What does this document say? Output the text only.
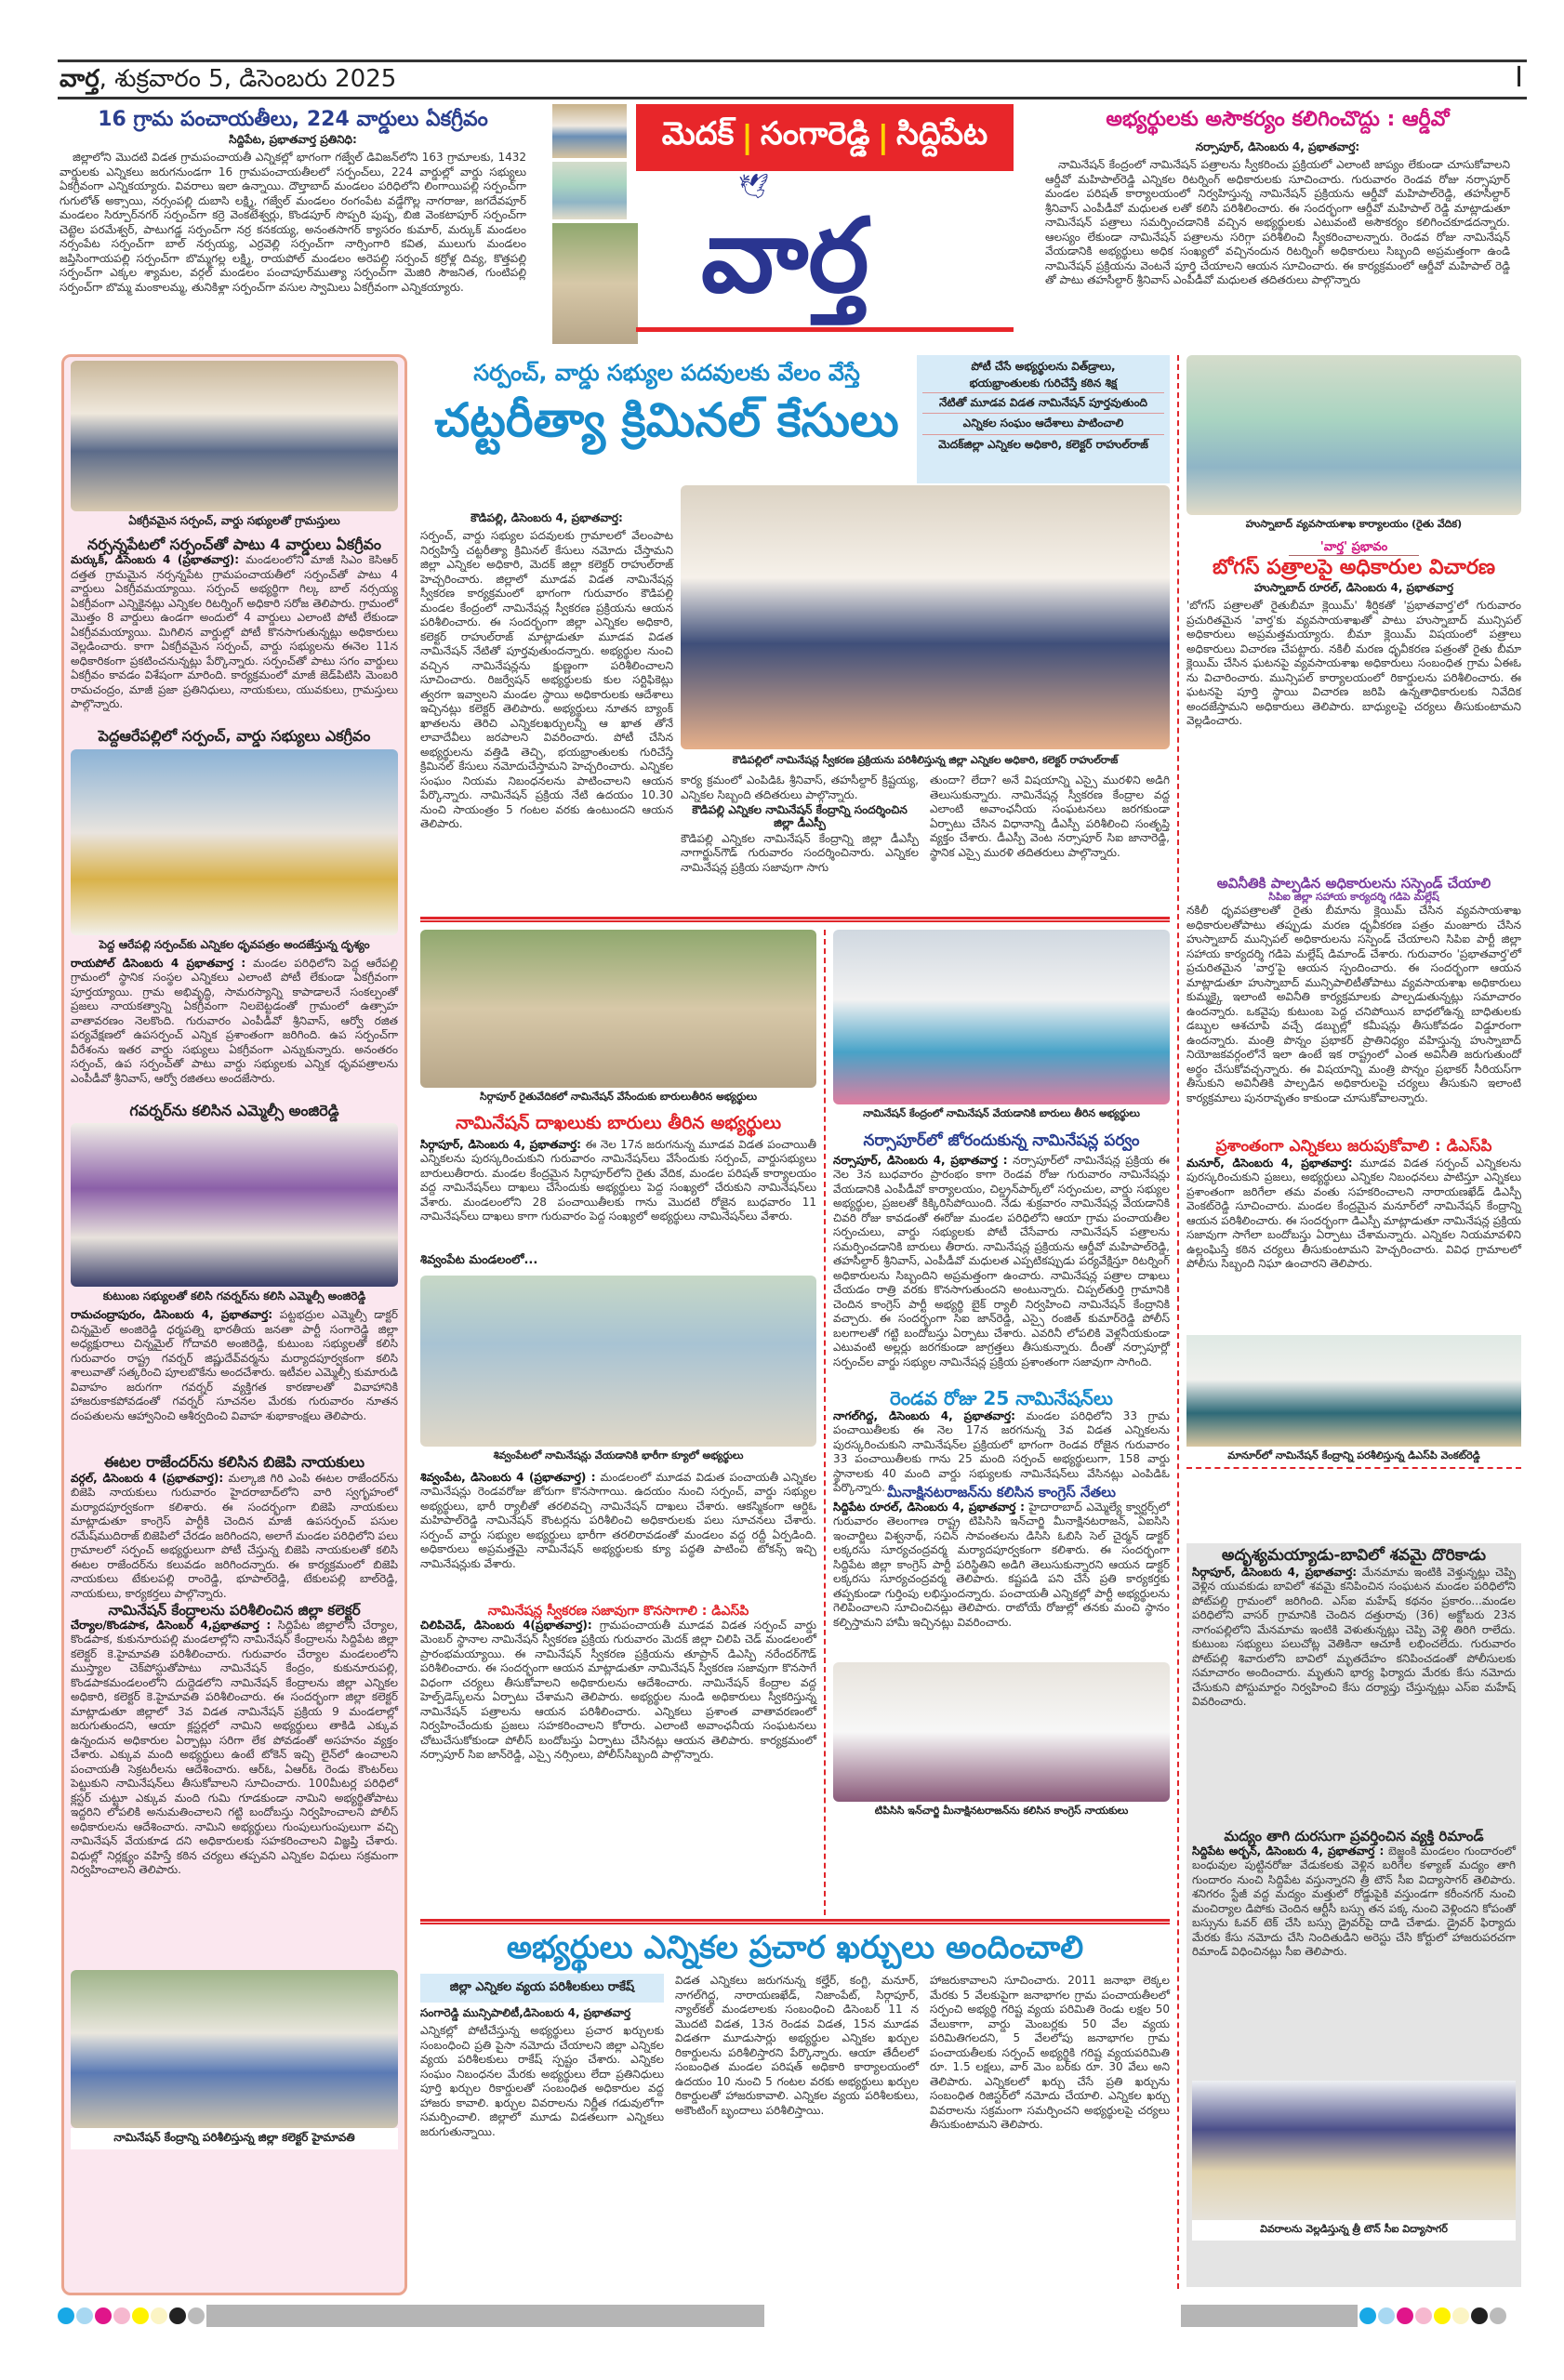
వార్త, శుక్రవారం 5, డిసెంబరు 2025	I
16 గ్రామ పంచాయతీలు, 224 వార్డులు ఏకగ్రీవం
సిద్దిపేట, ప్రభాతవార్త ప్రతినిధి:
జిల్లాలోని మొదటి విడత గ్రామపంచాయతీ ఎన్నికల్లో భాగంగా గజ్వేల్ డివిజన్‌లోని 163 గ్రామాలకు, 1432 వార్డులకు ఎన్నికలు జరుగనుండగా 16 గ్రామపంచాయతీలలో సర్పంచ్‌లు, 224 వార్డుల్లో వార్డు సభ్యులు ఏకగ్రీవంగా ఎన్నికయ్యారు. వివరాలు ఇలా ఉన్నాయి. దౌల్తాబాద్ మండలం పరిధిలోని లింగాయిపల్లి సర్పంచ్‌గా గుగులోత్ అక్సాయి, నర్సంపల్లి దుబాసి లక్ష్మి, గజ్వేల్ మండలం రంగంపేట వడ్డేగొల్ల నాగరాజు, జగదేవపూర్ మండలం సిర్పూర్‌నగర్ సర్పంచ్‌గా కర్రె వెంకటేశ్వర్లు, కొండపూర్ సొప్పరి పుష్ప, బిజి వెంకటాపూర్ సర్పంచ్‌గా చెట్టెల పరమేశ్వర్, పాటుగడ్డ సర్పంచ్‌గా నర్ర కనకయ్య, అనంతసాగర్ క్యాసరం కుమార్, మర్కుక్ మండలం నర్సంపేట సర్పంచ్‌గా బాల్ నర్సయ్య, ఎర్రవెల్లి సర్పంచ్‌గా నార్సింగారి కవిత, ములుగు మండలం జప్తిసింగాయపల్లి సర్పంచ్‌గా బొమ్మగల్ల లక్ష్మి, రాయపోల్ మండలం అరెపల్లి సర్పంచ్ కర్రోళ్ల దివ్య, కొత్తపల్లి సర్పంచ్‌గా ఎక్కల శ్యామల, వర్గల్ మండలం పంచాపూర్‌ముత్యా సర్పంచ్‌గా మెజిరి సౌజనిత, గుంటిపల్లి సర్పంచ్‌గా బొమ్మ మంకాలమ్మ, తునికిళ్లా సర్పంచ్‌గా వసుల స్వామిలు ఏకగ్రీవంగా ఎన్నికయ్యారు.
మెదక్ | సంగారెడ్డి | సిద్దిపేట
🕊
వార్త
అభ్యర్థులకు అసౌకర్యం కలిగించొద్దు : ఆర్డీవో
నర్సాపూర్, డిసెంబరు 4, ప్రభాతవార్త:
నామినేషన్ కేంద్రంలో నామినేషన్ పత్రాలను స్వీకరించు ప్రక్రియలో ఎలాంటి జాప్యం లేకుండా చూసుకోవాలని ఆర్డీవో మహిపాల్‌రెడ్డి ఎన్నికల రిటర్నింగ్ అధికారులకు సూచించారు. గురువారం రెండవ రోజు నర్సాపూర్ మండల పరిషత్ కార్యాలయంలో నిర్వహిస్తున్న నామినేషన్ ప్రక్రియను ఆర్డీవో మహిపాల్‌రెడ్డి, తహసీల్దార్ శ్రీనివాస్ ఎంపీడీవో మధులత లతో కలిసి పరిశీలించారు. ఈ సందర్భంగా ఆర్డీవో మహిపాల్ రెడ్డి మాట్లాడుతూ నామినేషన్ పత్రాలు సమర్పించడానికి వచ్చిన అభ్యర్థులకు ఎటువంటి అసౌకర్యం కలిగించకూడదన్నారు. ఆలస్యం లేకుండా నామినేషన్ పత్రాలను సరిగ్గా పరిశీలించి స్వీకరించాలన్నారు. రెండవ రోజు నామినేషన్ వేయడానికి అభ్యర్థులు అధిక సంఖ్యలో వచ్చినందున రిటర్నింగ్ అధికారులు సిబ్బంది అప్రమత్తంగా ఉండి నామినేషన్ ప్రక్రియను వెంటనే పూర్తి చేయాలని ఆయన సూచించారు. ఈ కార్యక్రమంలో ఆర్డీవో మహిపాల్ రెడ్డి తో పాటు తహసీల్దార్ శ్రీనివాస్ ఎంపీడీవో మధులత తదితరులు పాల్గొన్నారు
ఏకగ్రీవమైన సర్పంచ్, వార్డు సభ్యులతో గ్రామస్తులు
నర్సన్నపేటలో సర్పంచ్‌తో పాటు 4 వార్డులు ఏకగ్రీవం
మర్కుక్, డిసెంబరు 4 (ప్రభాతవార్త): మండలంలోని మాజీ సిఎం కెసిఆర్ దత్తత గ్రామమైన నర్సన్నపేట గ్రామపంచాయతీలో సర్పంచ్‌తో పాటు 4 వార్డులు ఏకగ్రీవమయ్యాయి. సర్పంచ్ అభ్యర్థిగా గిల్క బాల్ నర్సయ్య ఏకగ్రీవంగా ఎన్నికైనట్లు ఎన్నికల రిటర్నింగ్ అధికారి సరోజ తెలిపారు. గ్రామంలో మొత్తం 8 వార్డులు ఉండగా అందులో 4 వార్డులు ఎలాంటి పోటీ లేకుండా ఏకగ్రీవమయ్యాయి. మిగిలిన వార్డుల్లో పోటీ కొనసాగుతున్నట్లు అధికారులు వెల్లడించారు. కాగా ఏకగ్రీవమైన సర్పంచ్, వార్డు సభ్యులను ఈనెల 11న అధికారికంగా ప్రకటించనున్నట్లు పేర్కొన్నారు. సర్పంచ్‌తో పాటు సగం వార్డులు ఏకగ్రీవం కావడం విశేషంగా మారింది. కార్యక్రమంలో మాజీ జెడ్‌పిటిసి మెంబరి రామచంద్రం, మాజీ ప్రజా ప్రతినిధులు, నాయకులు, యువకులు, గ్రామస్తులు పాల్గొన్నారు.
పెద్దఆరేపల్లిలో సర్పంచ్, వార్డు సభ్యులు ఎకగ్రీవం
పెద్ద ఆరేపల్లి సర్పంచ్‌కు ఎన్నికల ధృవపత్రం అందజేస్తున్న దృశ్యం
రాయపోల్ డిసెంబరు 4 ప్రభాతవార్త : మండల పరిధిలోని పెద్ద ఆరేపల్లి గ్రామంలో స్థానిక సంస్థల ఎన్నికలు ఎలాంటి పోటీ లేకుండా ఏకగ్రీవంగా పూర్తయ్యాయి. గ్రామ అభివృద్ధి, సామరస్యాన్ని కాపాడాలనే సంకల్పంతో ప్రజలు నాయకత్వాన్ని ఏకగ్రీవంగా నిలబెట్టడంతో గ్రామంలో ఉత్సాహ వాతావరణం నెలకొంది. గురువారం ఎంపీడీవో శ్రీనివాస్, ఆర్వో రజిత పర్యవేక్షణలో ఉపసర్పంచ్ ఎన్నిక ప్రశాంతంగా జరిగింది. ఉప సర్పంచ్‌గా వీరేశంను ఇతర వార్డు సభ్యులు ఏకగ్రీవంగా ఎన్నుకున్నారు. అనంతరం సర్పంచ్, ఉప సర్పంచ్‌తో పాటు వార్డు సభ్యులకు ఎన్నిక ధృవపత్రాలను ఎంపీడీవో శ్రీనివాస్, ఆర్వో రజితలు అందజేసారు.
గవర్నర్‌ను కలిసిన ఎమ్మెల్సీ అంజిరెడ్డి
కుటుంబ సభ్యులతో కలిసి గవర్నర్‌ను కలిసి ఎమ్మెల్సీ అంజిరెడ్డి
రామచంద్రాపురం, డిసెంబరు 4, ప్రభాతవార్త: పట్టభద్రుల ఎమ్మెల్సీ డాక్టర్ చిన్నమైల్ అంజిరెడ్డి ధర్మపత్ని భారతీయ జనతా పార్టీ సంగారెడ్డి జిల్లా అధ్యక్షురాలు చిన్నమైల్ గోదావరి అంజిరెడ్డి, కుటుంబ సభ్యులతో కలిసి గురువారం రాష్ట్ర గవర్నర్ జిష్ణుదేవ్‌వర్మను మర్యాదపూర్వకంగా కలిసి శాలువాతో సత్కరించి పూలబొకేను అందచేశారు. ఇటీవల ఎమ్మెల్సీ కుమారుడి వివాహం జరుగగా గవర్నర్ వ్యక్తిగత కారణాలతో వివాహానికి హాజరుకాకపోవడంతో గవర్నర్ సూచనల మేరకు గురువారం నూతన దంపతులను ఆహ్వానించి ఆశీర్వదించి వివాహ శుభాకాంక్షలు తెలిపారు.
ఈటల రాజేందర్‌ను కలిసిన బిజెపి నాయకులు
వర్గల్, డిసెంబరు 4 (ప్రభాతవార్త): మల్కాజి గిరి ఎంపి ఈటల రాజేందర్‌ను బిజెపి నాయకులు గురువారం హైదరాబాద్‌లోని వారి స్వగృహంలో మర్యాదపూర్వకంగా కలిశారు. ఈ సందర్భంగా బిజెపి నాయకులు మాట్లాడుతూ కాంగ్రెస్ పార్టీకి చెందిన మాజీ ఉపసర్పంచ్ పసుల రమేష్‌ముదిరాజ్ బిజెపిలో చేరడం జరిగిందని, అలాగే మండల పరిధిలోని పలు గ్రామాలలో సర్పంచ్ అభ్యర్థులుగా పోటీ చేస్తున్న బిజెపి నాయకులతో కలిసి ఈటల రాజేందర్‌ను కలువడం జరిగిందన్నారు. ఈ కార్యక్రమంలో బిజెపి నాయకులు టేకులపల్లి రాంరెడ్డి, భూపాల్‌రెడ్డి, టేకులపల్లి బాల్‌రెడ్డి, నాయకులు, కార్యకర్తలు పాల్గొన్నారు.
నామినేషన్ కేంద్రాలను పరిశీలించిన జిల్లా కలెక్టర్
చేర్యాల/కొండపాక, డిసెంబర్ 4,ప్రభాతవార్త : సిద్దిపేట జిల్లాలోని చేర్యాల, కొండపాక, కుకునూరుపల్లి మండలాల్లోని నామినేషన్ కేంద్రాలను సిద్దిపేట జిల్లా కలెక్టర్ కె.హైమావతి పరిశీలించారు. గురువారం చేర్యాల మండలంలోని ముస్త్యాల చెక్‌పోస్టుతోపాటు నామినేషన్ కేంద్రం, కుకునూరుపల్లి, కొండపాకమండలంలోని దుద్దెడలోని నామినేషన్ కేంద్రాలను జిల్లా ఎన్నికల అధికారి, కలెక్టర్ కె.హైమావతి పరిశీలించారు. ఈ సందర్భంగా జిల్లా కలెక్టర్ మాట్లాడుతూ జిల్లాలో 3వ విడత నామినేషన్ ప్రక్రియ 9 మండలాల్లో జరుగుతుందని, ఆయా క్లస్టర్లలో నామిని అభ్యర్థులు తాకిడి ఎక్కువ ఉన్నందున అధికారుల ఏర్పాట్లు సరిగా లేక పోవడంతో అసహనం వ్యక్తం చేశారు. ఎక్కువ మంది అభ్యర్థులు ఉంటే టోకెన్ ఇచ్చి లైన్‌లో ఉంచాలని పంచాయతీ సెక్రటరీలను ఆదేశించారు. ఆర్‌ఓ, ఏఆర్‌ఓ రెండు కౌంటర్‌లు పెట్టుకుని నామినేషన్‌లు తీసుకోవాలని సూచించారు. 100మీటర్ల పరిధిలో క్లస్టర్ చుట్టూ ఎక్కువ మంది గుమి గూడకుండా నామిని అభ్యర్థితోపాటు ఇద్దరిని లోపలికి అనుమతించాలని గట్టి బందోబస్తు నిర్వహించాలని పోలీస్ అధికారులను ఆదేశించారు. నామిని అభ్యర్థులు గుంపులుగుంపులుగా వచ్చి నామినేషన్ వేయకూడ దని అధికారులకు సహకరించాలని విజ్ఞప్తి చేశారు. విధుల్లో నిర్లక్ష్యం వహిస్తే కఠిన చర్యలు తప్పవని ఎన్నికల విధులు సక్రమంగా నిర్వహించాలని తెలిపారు.
నామినేషన్ కేంద్రాన్ని పరిశీలిస్తున్న జిల్లా కలెక్టర్ హైమావతి
సర్పంచ్, వార్డు సభ్యుల పదవులకు వేలం వేస్తే
చట్టరీత్యా క్రిమినల్ కేసులు
పోటీ చేసే అభ్యర్థులను విత్‌డ్రాలు,
భయభ్రాంతులకు గురిచేస్తే కఠిన శిక్ష
నేటితో మూడవ విడత నామినేషన్ పూర్తవుతుంది
ఎన్నికల సంఘం ఆదేశాలు పాటించాలి
మెదక్‌జిల్లా ఎన్నికల అధికారి, కలెక్టర్ రాహుల్‌రాజ్
కౌడిపల్లి, డిసెంబరు 4, ప్రభాతవార్త:
సర్పంచ్, వార్డు సభ్యుల పదవులకు గ్రామాలలో వేలంపాట నిర్వహిస్తే చట్టరీత్యా క్రిమినల్ కేసులు నమోదు చేస్తామని జిల్లా ఎన్నికల అధికారి, మెదక్ జిల్లా కలెక్టర్ రాహుల్‌రాజ్ హెచ్చరించారు. జిల్లాలో మూడవ విడత నామినేషన్ల స్వీకరణ కార్యక్రమంలో భాగంగా గురువారం కౌడిపల్లి మండల కేంద్రంలో నామినేషన్ల స్వీకరణ ప్రక్రియను ఆయన పరిశీలించారు. ఈ సందర్భంగా జిల్లా ఎన్నికల అధికారి, కలెక్టర్ రాహుల్‌రాజ్ మాట్లాడుతూ మూడవ విడత నామినేషన్ నేటితో పూర్తవుతుందన్నారు. అభ్యర్థుల నుంచి వచ్చిన నామినేషన్లను క్షుణ్ణంగా పరిశీలించాలని సూచించారు. రిజర్వేషన్ అభ్యర్థులకు కుల సర్టిఫికెట్లు త్వరగా ఇవ్వాలని మండల స్థాయి అధికారులకు ఆదేశాలు ఇచ్చినట్లు కలెక్టర్ తెలిపారు. అభ్యర్థులు నూతన బ్యాంక్ ఖాతలను తెరిచి ఎన్నికలఖర్చులన్నీ ఆ ఖాత తోనే లావాదేవీలు జరపాలని వివరించారు. పోటీ చేసిన అభ్యర్థులను వత్తిడి తెచ్చి, భయభ్రాంతులకు గురిచేస్తే క్రిమినల్ కేసులు నమోదుచేస్తామని హెచ్చరించారు. ఎన్నికల సంఘం నియమ నిబంధనలను పాటించాలని ఆయన పేర్కొన్నారు. నామినేషన్ ప్రక్రియ నేటి ఉదయం 10.30 నుంచి సాయంత్రం 5 గంటల వరకు ఉంటుందని ఆయన తెలిపారు.
కౌడిపల్లిలో నామినేషన్ల స్వీకరణ ప్రక్రియను పరిశీలిస్తున్న జిల్లా ఎన్నికల అధికారి, కలెక్టర్ రాహుల్‌రాజ్
కార్య క్రమంలో ఎంపిడిఓ శ్రీనివాస్, తహసీల్దార్ క్రిష్టయ్య, ఎన్నికల సిబ్బంది తదితరులు పాల్గొన్నారు.
కౌడిపల్లి ఎన్నికల నామినేషన్ కేంద్రాన్ని సందర్శించిన జిల్లా డీఎస్పీ
కౌడిపల్లి ఎన్నికల నామినేషన్ కేంద్రాన్ని జిల్లా డీఎస్పీ నాగార్జున్‌గౌడ్ గురువారం సందర్శించినారు. ఎన్నికల నామినేషన్ల ప్రక్రియ సజావుగా సాగు
తుందా? లేదా? అనే విషయాన్ని ఎస్సై మురళిని అడిగి తెలుసుకున్నారు. నామినేషన్ల స్వీకరణ కేంద్రాల వద్ద ఎలాంటి అవాంఛనీయ సంఘటనలు జరగకుండా ఏర్పాటు చేసిన విధానాన్ని డీఎస్పీ పరిశీలించి సంతృప్తి వ్యక్తం చేశారు. డీఎస్పీ వెంట నర్సాపూర్ సిఐ జానారెడ్డి, స్థానిక ఎస్సై మురళి తదితరులు పాల్గొన్నారు.
సిర్గాపూర్ రైతువేదికలో నామినేషన్ వేసేందుకు బారులుతీరిన అభ్యర్థులు
నామినేషన్ దాఖలుకు బారులు తీరిన అభ్యర్థులు
సిర్గాపూర్, డిసెంబరు 4, ప్రభాతవార్త: ఈ నెల 17న జరుగనున్న మూడవ విడత పంచాయితీ ఎన్నికలను పురస్కరించుకుని గురువారం నామినేషన్‌లు వేసేందుకు సర్పంచ్, వార్డుసభ్యులు బారులుతీరారు. మండల కేంద్రమైన సిర్గాపూర్‌లోని రైతు వేదిక, మండల పరిషత్ కార్యాలయం వద్ద నామినేషన్‌లు దాఖలు చేసేందుకు అభ్యర్థులు పెద్ద సంఖ్యలో చేరుకుని నామినేషన్‌లు వేశారు. మండలంలోని 28 పంచాయితీలకు గాను మొదటి రోజైన బుధవారం 11 నామినేషన్‌లు దాఖలు కాగా గురువారం పెద్ద సంఖ్యలో అభ్యర్థులు నామినేషన్‌లు వేశారు.
శివ్వంపేట మండలంలో...
శివ్వంపేటలో నామినేషన్లు వేయడానికి భారీగా క్యూలో అభ్యర్థులు
శివ్వంపేట, డిసెంబరు 4 (ప్రభాతవార్త) : మండలంలో మూడవ విడుత పంచాయతీ ఎన్నికల నామినేషన్లు రెండవరోజు జోరుగా కొనసాగాయి. ఉదయం నుంచి సర్పంచ్, వార్డు సభ్యుల అభ్యర్థులు, భారీ ర్యాలీతో తరలివచ్చి నామినేషన్ దాఖలు చేశారు. ఆకస్మికంగా ఆర్డిఓ మహిపాల్‌రెడ్డి నామినేషన్ కౌంటర్లను పరిశీలించి అధికారులకు పలు సూచనలు చేశారు. సర్పంచ్ వార్డు సభ్యుల అభ్యర్థులు భారీగా తరలిరావడంతో మండలం వద్ద రద్దీ ఏర్పడింది. అధికారులు అప్రమత్తమై నామినేషన్ అభ్యర్థులకు క్యూ పద్ధతి పాటించి టోకన్స్ ఇచ్చి నామినేషన్లుకు వేశారు.
నామినేషన్ల స్వీకరణ సజావుగా కొనసాగాలి : డిఎస్‌పి
చిలిపిచెడ్, డిసెంబరు 4(ప్రభాతవార్త): గ్రామపంచాయతీ మూడవ విడత సర్పంచ్ వార్డు మెంబర్ స్థానాల నామినేషన్ స్వీకరణ ప్రక్రియ గురువారం మెదక్ జిల్లా చిలిపి చెడ్ మండలంలో ప్రారంభమయ్యాయి. ఈ నామినేషన్ స్వీకరణ ప్రక్రియను తూప్రాన్ డిఎస్పి నరేందర్‌గౌడ్ పరిశీలించారు. ఈ సందర్భంగా ఆయన మాట్లాడుతూ నామినేషన్ స్వీకరణ సజావుగా కొనసాగే విధంగా చర్యలు తీసుకోవాలని అధికారులను ఆదేశించారు. నామినేషన్ కేంద్రాల వద్ద హెల్ప్‌డెస్క్‌లను ఏర్పాటు చేశామని తెలిపారు. అభ్యర్థుల నుండి అధికారులు స్వీకరిస్తున్న నామినేషన్ పత్రాలను ఆయన పరిశీలించారు. ఎన్నికలు ప్రశాంత వాతావరణంలో నిర్వహించేందుకు ప్రజలు సహకరించాలని కోరారు. ఎలాంటి అవాంఛనీయ సంఘటనలు చోటుచేసుకోకుండా పోలీస్ బందోబస్తు ఏర్పాటు చేసినట్లు ఆయన తెలిపారు. కార్యక్రమంలో నర్సాపూర్ సిఐ జాన్‌రెడ్డి, ఎస్సై నర్సింలు, పోలీస్‌సిబ్బంది పాల్గొన్నారు.
నామినేషన్ కేంద్రంలో నామినేషన్ వేయడానికి బారులు తీరిన అభ్యర్థులు
నర్సాపూర్‌లో జోరందుకున్న నామినేషన్ల పర్వం
నర్సాపూర్, డిసెంబరు 4, ప్రభాతవార్త : నర్సాపూర్‌లో నామినేషన్ల ప్రక్రియ ఈ నెల 3న బుధవారం ప్రారంభం కాగా రెండవ రోజు గురువారం నామినేషన్లు వేయడానికి ఎంపీడీవో కార్యాలయం, చిల్డ్రన్‌పార్క్‌లో సర్పంచుల, వార్డు సభ్యుల అభ్యర్థుల, ప్రజలతో కిక్కిరిసిపోయింది. నేడు శుక్రవారం నామినేషన్ల వేయడానికి చివరి రోజు కావడంతో ఈరోజు మండల పరిధిలోని ఆయా గ్రామ పంచాయతీల సర్పంచులు, వార్డు సభ్యులకు పోటీ చేసేవారు నామినేషన్ పత్రాలను సమర్పించడానికి బారులు తీరారు. నామినేషన్ల ప్రక్రియను ఆర్డీవో మహిపాల్‌రెడ్డి, తహసీల్దార్ శ్రీనివాస్, ఎంపీడీవో మధులత ఎప్పటికప్పుడు పర్యవేక్షిస్తూ రిటర్నింగ్ అధికారులను సిబ్బందిని అప్రమత్తంగా ఉంచారు. నామినేషన్ల పత్రాల దాఖలు చేయడం రాత్రి వరకు కొనసాగుతుందని అంటున్నారు. చిప్పల్‌తుర్తి గ్రామానికి చెందిన కాంగ్రెస్ పార్టీ అభ్యర్థి బైక్ ర్యాలీ నిర్వహించి నామినేషన్ కేంద్రానికి వచ్చారు. ఈ సందర్భంగా సిఐ జాన్‌రెడ్డి, ఎస్సై రంజిత్ కుమార్‌రెడ్డి పోలీస్ బలగాలతో గట్టి బందోబస్తు ఏర్పాటు చేశారు. ఎవరినీ లోపలికి వెళ్లనీయకుండా ఎటువంటి అల్లర్లు జరగకుండా జాగ్రత్తలు తీసుకున్నారు. దీంతో నర్సాపూర్లో సర్పంచ్‌ల వార్డు సభ్యుల నామినేషన్ల ప్రక్రియ ప్రశాంతంగా సజావుగా సాగింది.
రెండవ రోజు 25 నామినేషన్‌లు
నాగల్‌గిద్ద, డిసెంబరు 4, ప్రభాతవార్త: మండల పరిధిలోని 33 గ్రామ పంచాయితీలకు ఈ నెల 17న జరగనున్న 3వ విడత ఎన్నికలను పురస్కరించుకుని నామినేషన్‌ల ప్రక్రియలో భాగంగా రెండవ రోజైన గురువారం 33 పంచాయితీలకు గాను 25 మంది సర్పంచ్ అభ్యర్థులుగా, 158 వార్డు స్థానాలకు 40 మంది వార్డు సభ్యులకు నామినేషన్‌లు వేసినట్లు ఎంపిడిఓ పేర్కొన్నారు. మీనాక్షినటరాజన్‌ను కలిసిన కాంగ్రెస్ నేతలు
సిద్దిపేట రూరల్, డిసెంబరు 4, ప్రభాతవార్త : హైదారాబాద్ ఎమ్మెల్యే క్వార్టర్స్‌లో గురువారం తెలంగాణ రాష్ట్ర టిపిసిసి ఇన్‌చార్జి మీనాక్షినటరాజన్, ఏఐసిసి ఇంచార్జిలు విశ్వనాథ్, సచిన్ సావంతలను డిసిసి ఓబిసి సెల్ చైర్మన్ డాక్టర్ లక్కరసు సూర్యచంద్రవర్మ మర్యాదపూర్వకంగా కలిశారు. ఈ సందర్భంగా సిద్దిపేట జిల్లా కాంగ్రెస్ పార్టీ పరిస్థితిని అడిగి తెలుసుకున్నారని ఆయన డాక్టర్ లక్కరసు సూర్యచంద్రవర్మ తెలిపారు. కష్టపడి పని చేసే ప్రతి కార్యకర్తకు తప్పకుండా గుర్తింపు లభిస్తుందన్నారు. పంచాయతీ ఎన్నికల్లో పార్టీ అభ్యర్థులను గెలిపించాలని సూచించినట్లు తెలిపారు. రాబోయే రోజుల్లో తనకు మంచి స్థానం కల్పిస్తామని హామీ ఇచ్చినట్లు వివరించారు.
టిపిసిసి ఇన్‌చార్జి మీనాక్షినటరాజన్‌ను కలిసిన కాంగ్రెస్ నాయకులు
అభ్యర్థులు ఎన్నికల ప్రచార ఖర్చులు అందించాలి
జిల్లా ఎన్నికల వ్యయ పరిశీలకులు రాకేష్
సంగారెడ్డి మున్సిపాలిటీ,డిసెంబరు 4, ప్రభాతవార్త
ఎన్నికల్లో పోటీచేస్తున్న అభ్యర్థులు ప్రచార ఖర్చులకు సంబంధించి ప్రతి పైసా నమోదు చేయాలని జిల్లా ఎన్నికల వ్యయ పరిశీలకులు రాకేష్ స్పష్టం చేశారు. ఎన్నికల సంఘం నిబంధనల మేరకు అభ్యర్థులు లేదా ప్రతినిధులు పూర్తి ఖర్చుల రికార్డులతో సంబంధిత అధికారుల వద్ద హాజరు కావాలి. ఖర్చుల వివరాలను నిర్ణీత గడువులోగా సమర్పించాలి. జిల్లాలో మూడు విడతలుగా ఎన్నికలు జరుగుతున్నాయి.
విడత ఎన్నికలు జరుగనున్న కల్హేర్, కంగ్టి, మనూర్, నాగల్‌గిద్ద, నారాయణఖేడ్, నిజాంపేట్, సిర్గాపూర్, న్యాల్‌కల్ మండలాలకు సంబంధించి డిసెంబర్ 11 న మొదటి విడత, 13న రెండవ విడత, 15న మూడవ విడతగా మూడుసార్లు అభ్యర్థుల ఎన్నికల ఖర్చుల రికార్డులను పరిశీలిస్తారని పేర్కొన్నారు. ఆయా తేదీలలో సంబంధిత మండల పరిషత్ అధికారి కార్యాలయంలో ఉదయం 10 నుంచి 5 గంటల వరకు అభ్యర్థులు ఖర్చుల రికార్డులతో హాజరుకావాలి. ఎన్నికల వ్యయ పరిశీలకులు, అకౌంటింగ్ బృందాలు పరిశీలిస్తాయి.
హాజరుకావాలని సూచించారు. 2011 జనాభా లెక్కల మేరకు 5 వేలకుపైగా జనాభాగల గ్రామ పంచాయతీలలో సర్పంచి అభ్యర్థి గరిష్ట వ్యయ పరిమితి రెండు లక్షల 50 వేలుకాగా, వార్డు మెంబర్లకు 50 వేల వ్యయ పరిమితిగలదని, 5 వేలలోపు జనాభాగల గ్రామ పంచాయతీలకు సర్పంచ్ అభ్యర్థికి గరిష్ట వ్యయపరిమితి రూ. 1.5 లక్షలు, వార్ మెం బర్‌కు రూ. 30 వేలు అని తెలిపారు. ఎన్నికలలో ఖర్చు చేసే ప్రతి ఖర్చును సంబంధిత రిజిస్టర్‌లో నమోదు చేయాలి. ఎన్నికల ఖర్చు వివరాలను సక్రమంగా సమర్పించని అభ్యర్థులపై చర్యలు తీసుకుంటామని తెలిపారు.
హుస్నాబాద్ వ్యవసాయశాఖ కార్యాలయం (రైతు వేదిక)
'వార్త' ప్రభావం
బోగస్ పత్రాలపై అధికారుల విచారణ
హుస్నాబాద్ రూరల్, డిసెంబరు 4, ప్రభాతవార్త
'బోగస్ పత్రాలతో రైతుబీమా క్లెయిమ్' శీర్షికతో 'ప్రభాతవార్త'లో గురువారం ప్రచురితమైన 'వార్త'కు వ్యవసాయశాఖతో పాటు హుస్నాబాద్ మున్సిపల్ అధికారులు అప్రమత్తమయ్యారు. బీమా క్లెయిమ్ విషయంలో పత్రాలు అధికారులు విచారణ చేపట్టారు. నకిలీ మరణ ధృవీకరణ పత్రంతో రైతు బీమా క్లెయిమ్ చేసిన ఘటనపై వ్యవసాయశాఖ అధికారులు సంబంధిత గ్రామ ఏఈఓ ను విచారించారు. మున్సిపల్ కార్యాలయంలో రికార్డులను పరిశీలించారు. ఈ ఘటనపై పూర్తి స్థాయి విచారణ జరిపి ఉన్నతాధికారులకు నివేదిక అందజేస్తామని అధికారులు తెలిపారు. బాధ్యులపై చర్యలు తీసుకుంటామని వెల్లడించారు.
అవినీతికి పాల్పడిన అధికారులను సస్పెండ్ చేయాలి
సిపిఐ జిల్లా సహాయ కార్యదర్శి గడిపె మల్లేష్
నకిలీ ధృవపత్రాలతో రైతు బీమాను క్లెయిమ్ చేసిన వ్యవసాయశాఖ అధికారులతోపాటు తప్పుడు మరణ ధృవీకరణ పత్రం మంజూరు చేసిన హుస్నాబాద్ మున్సిపల్ అధికారులను సస్పెండ్ చేయాలని సిపిఐ పార్టీ జిల్లా సహాయ కార్యదర్శి గడిపె మల్లేష్ డిమాండ్ చేశారు. గురువారం 'ప్రభాతవార్త'లో ప్రచురితమైన 'వార్త'పై ఆయన స్పందించారు. ఈ సందర్భంగా ఆయన మాట్లాడుతూ హుస్నాబాద్ మున్సిపాలిటీతోపాటు వ్యవసాయశాఖ అధికారులు కుమ్మక్కై ఇలాంటి అవినీతి కార్యక్రమాలకు పాల్పడుతున్నట్లు సమాచారం ఉందన్నారు. ఒకవైపు కుటుంబ పెద్ద చనిపోయిన బాధలోఉన్న బాధితులకు డబ్బుల ఆశచూపి వచ్చే డబ్బుల్లో కమీషన్లు తీసుకోవడం విడ్డూరంగా ఉందన్నారు. మంత్రి పొన్నం ప్రభాకర్ ప్రాతినిధ్యం వహిస్తున్న హుస్నాబాద్ నియోజకవర్గంలోనే ఇలా ఉంటే ఇక రాష్ట్రంలో ఎంత అవినీతి జరుగుతుందో అర్థం చేసుకోవచ్చన్నారు. ఈ విషయాన్ని మంత్రి పొన్నం ప్రభాకర్ సీరియస్‌గా తీసుకుని అవినీతికి పాల్పడిన అధికారులపై చర్యలు తీసుకుని ఇలాంటి కార్యక్రమాలు పునరావృతం కాకుండా చూసుకోవాలన్నారు.
ప్రశాంతంగా ఎన్నికలు జరుపుకోవాలి : డిఎస్‌పి
మనూర్, డిసెంబరు 4, ప్రభాతవార్త: మూడవ విడత సర్పంచ్ ఎన్నికలను పురస్కరించుకుని ప్రజలు, అభ్యర్థులు ఎన్నికల నిబంధనలు పాటిస్తూ ఎన్నికలు ప్రశాంతంగా జరిగేలా తమ వంతు సహకరించాలని నారాయణఖేడ్ డిఎస్పీ వెంకట్‌రెడ్డి సూచించారు. మండల కేంద్రమైన మనూర్‌లో నామినేషన్ కేంద్రాన్ని ఆయన పరిశీలించారు. ఈ సందర్భంగా డిఎస్పీ మాట్లాడుతూ నామినేషన్ల ప్రక్రియ సజావుగా సాగేలా బందోబస్తు ఏర్పాటు చేశామన్నారు. ఎన్నికల నియమావళిని ఉల్లంఘిస్తే కఠిన చర్యలు తీసుకుంటామని హెచ్చరించారు. వివిధ గ్రామాలలో పోలీసు సిబ్బంది నిఘా ఉంచారని తెలిపారు.
మానూర్‌లో నామినేషన్ కేంద్రాన్ని పరశీలిస్తున్న డిఎస్‌పి వెంకట్‌రెడ్డి
అదృశ్యమయ్యాడు-బావిలో శవమై దొరికాడు
సిర్గాపూర్, డిసెంబరు 4, ప్రభాతవార్త: మేనమామ ఇంటికి వెళ్తున్నట్లు చెప్పి వెళ్లిన యువకుడు బావిలో శవమై కనిపించిన సంఘటన మండల పరిధిలోని పోట్‌పల్లి గ్రామంలో జరిగింది. ఎస్‌ఐ మహేష్ కథనం ప్రకారం...మండల పరిధిలోని వాసర్ గ్రామానికి చెందిన దత్తురావు (36) అక్టోబరు 23న నాగంపల్లిలోని మేనమామ ఇంటికి వెళుతున్నట్లు చెప్పి వెళ్లి తిరిగి రాలేదు. కుటుంబ సభ్యులు పలుచోట్ల వెతికినా ఆచూకీ లభించలేదు. గురువారం పోట్‌పల్లి శివారులోని బావిలో మృతదేహం కనిపించడంతో పోలీసులకు సమాచారం అందించారు. మృతుని భార్య ఫిర్యాదు మేరకు కేసు నమోదు చేసుకుని పోస్టుమార్టం నిర్వహించి కేసు దర్యాప్తు చేస్తున్నట్లు ఎస్‌ఐ మహేష్ వివరించారు.
మద్యం తాగి దురసుగా ప్రవర్తించిన వ్యక్తి రిమాండ్
సిద్దిపేట అర్బన్, డిసెంబరు 4, ప్రభాతవార్త : బెజ్జంకి మండలం గుందారంలో బంధువుల పుట్టినరోజు వేడుకలకు వెళ్లిన బరిగేల కళ్యాణ్ మద్యం తాగి గుందారం నుంచి సిద్దిపేట వస్తున్నారని త్రీ టౌన్ సీఐ విద్యాసాగర్ తెలిపారు. శనిగరం స్టేజీ వద్ద మద్యం మత్తులో రోడ్డుపైకి వస్తుండగా కరీంనగర్ నుంచి మంచిర్యాల డిపోకు చెందిన ఆర్టీసీ బస్సు తన పక్క నుంచి వెళ్లిందని కోపంతో బస్సును ఓవర్ టెక్ చేసి బస్సు డ్రైవర్‌పై దాడి చేశాడు. డ్రైవర్ ఫిర్యాదు మేరకు కేసు నమోదు చేసి నిందితుడిని అరెస్టు చేసి కోర్టులో హాజరుపరచగా రిమాండ్ విధించినట్లు సీఐ తెలిపారు.
వివరాలను వెల్లడిస్తున్న త్రీ టౌన్ సీఐ విద్యాసాగర్
